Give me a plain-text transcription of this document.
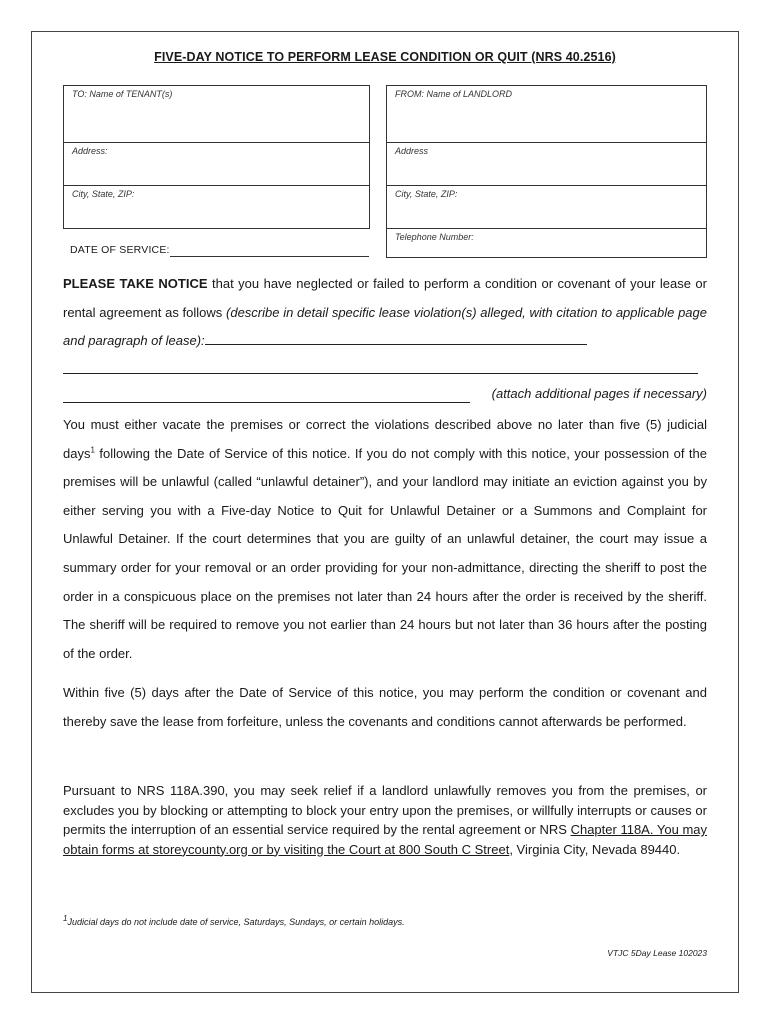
FIVE-DAY NOTICE TO PERFORM LEASE CONDITION OR QUIT (NRS 40.2516)
TO: Name of TENANT(s)
Address:
City, State, ZIP:
FROM: Name of LANDLORD
Address
City, State, ZIP:
Telephone Number:
DATE OF SERVICE:
PLEASE TAKE NOTICE that you have neglected or failed to perform a condition or covenant of your lease or rental agreement as follows (describe in detail specific lease violation(s) alleged, with citation to applicable page and paragraph of lease):
(attach additional pages if necessary)
You must either vacate the premises or correct the violations described above no later than five (5) judicial days$^1$ following the Date of Service of this notice. If you do not comply with this notice, your possession of the premises will be unlawful (called “unlawful detainer”), and your landlord may initiate an eviction against you by either serving you with a Five-day Notice to Quit for Unlawful Detainer or a Summons and Complaint for Unlawful Detainer. If the court determines that you are guilty of an unlawful detainer, the court may issue a summary order for your removal or an order providing for your non-admittance, directing the sheriff to post the order in a conspicuous place on the premises not later than 24 hours after the order is received by the sheriff. The sheriff will be required to remove you not earlier than 24 hours but not later than 36 hours after the posting of the order.
Within five (5) days after the Date of Service of this notice, you may perform the condition or covenant and thereby save the lease from forfeiture, unless the covenants and conditions cannot afterwards be performed.
Pursuant to NRS 118A.390, you may seek relief if a landlord unlawfully removes you from the premises, or excludes you by blocking or attempting to block your entry upon the premises, or willfully interrupts or causes or permits the interruption of an essential service required by the rental agreement or NRS Chapter 118A. You may obtain forms at storeycounty.org or by visiting the Court at 800 South C Street, Virginia City, Nevada 89440.
$^1$Judicial days do not include date of service, Saturdays, Sundays, or certain holidays.
VTJC 5Day Lease 102023
